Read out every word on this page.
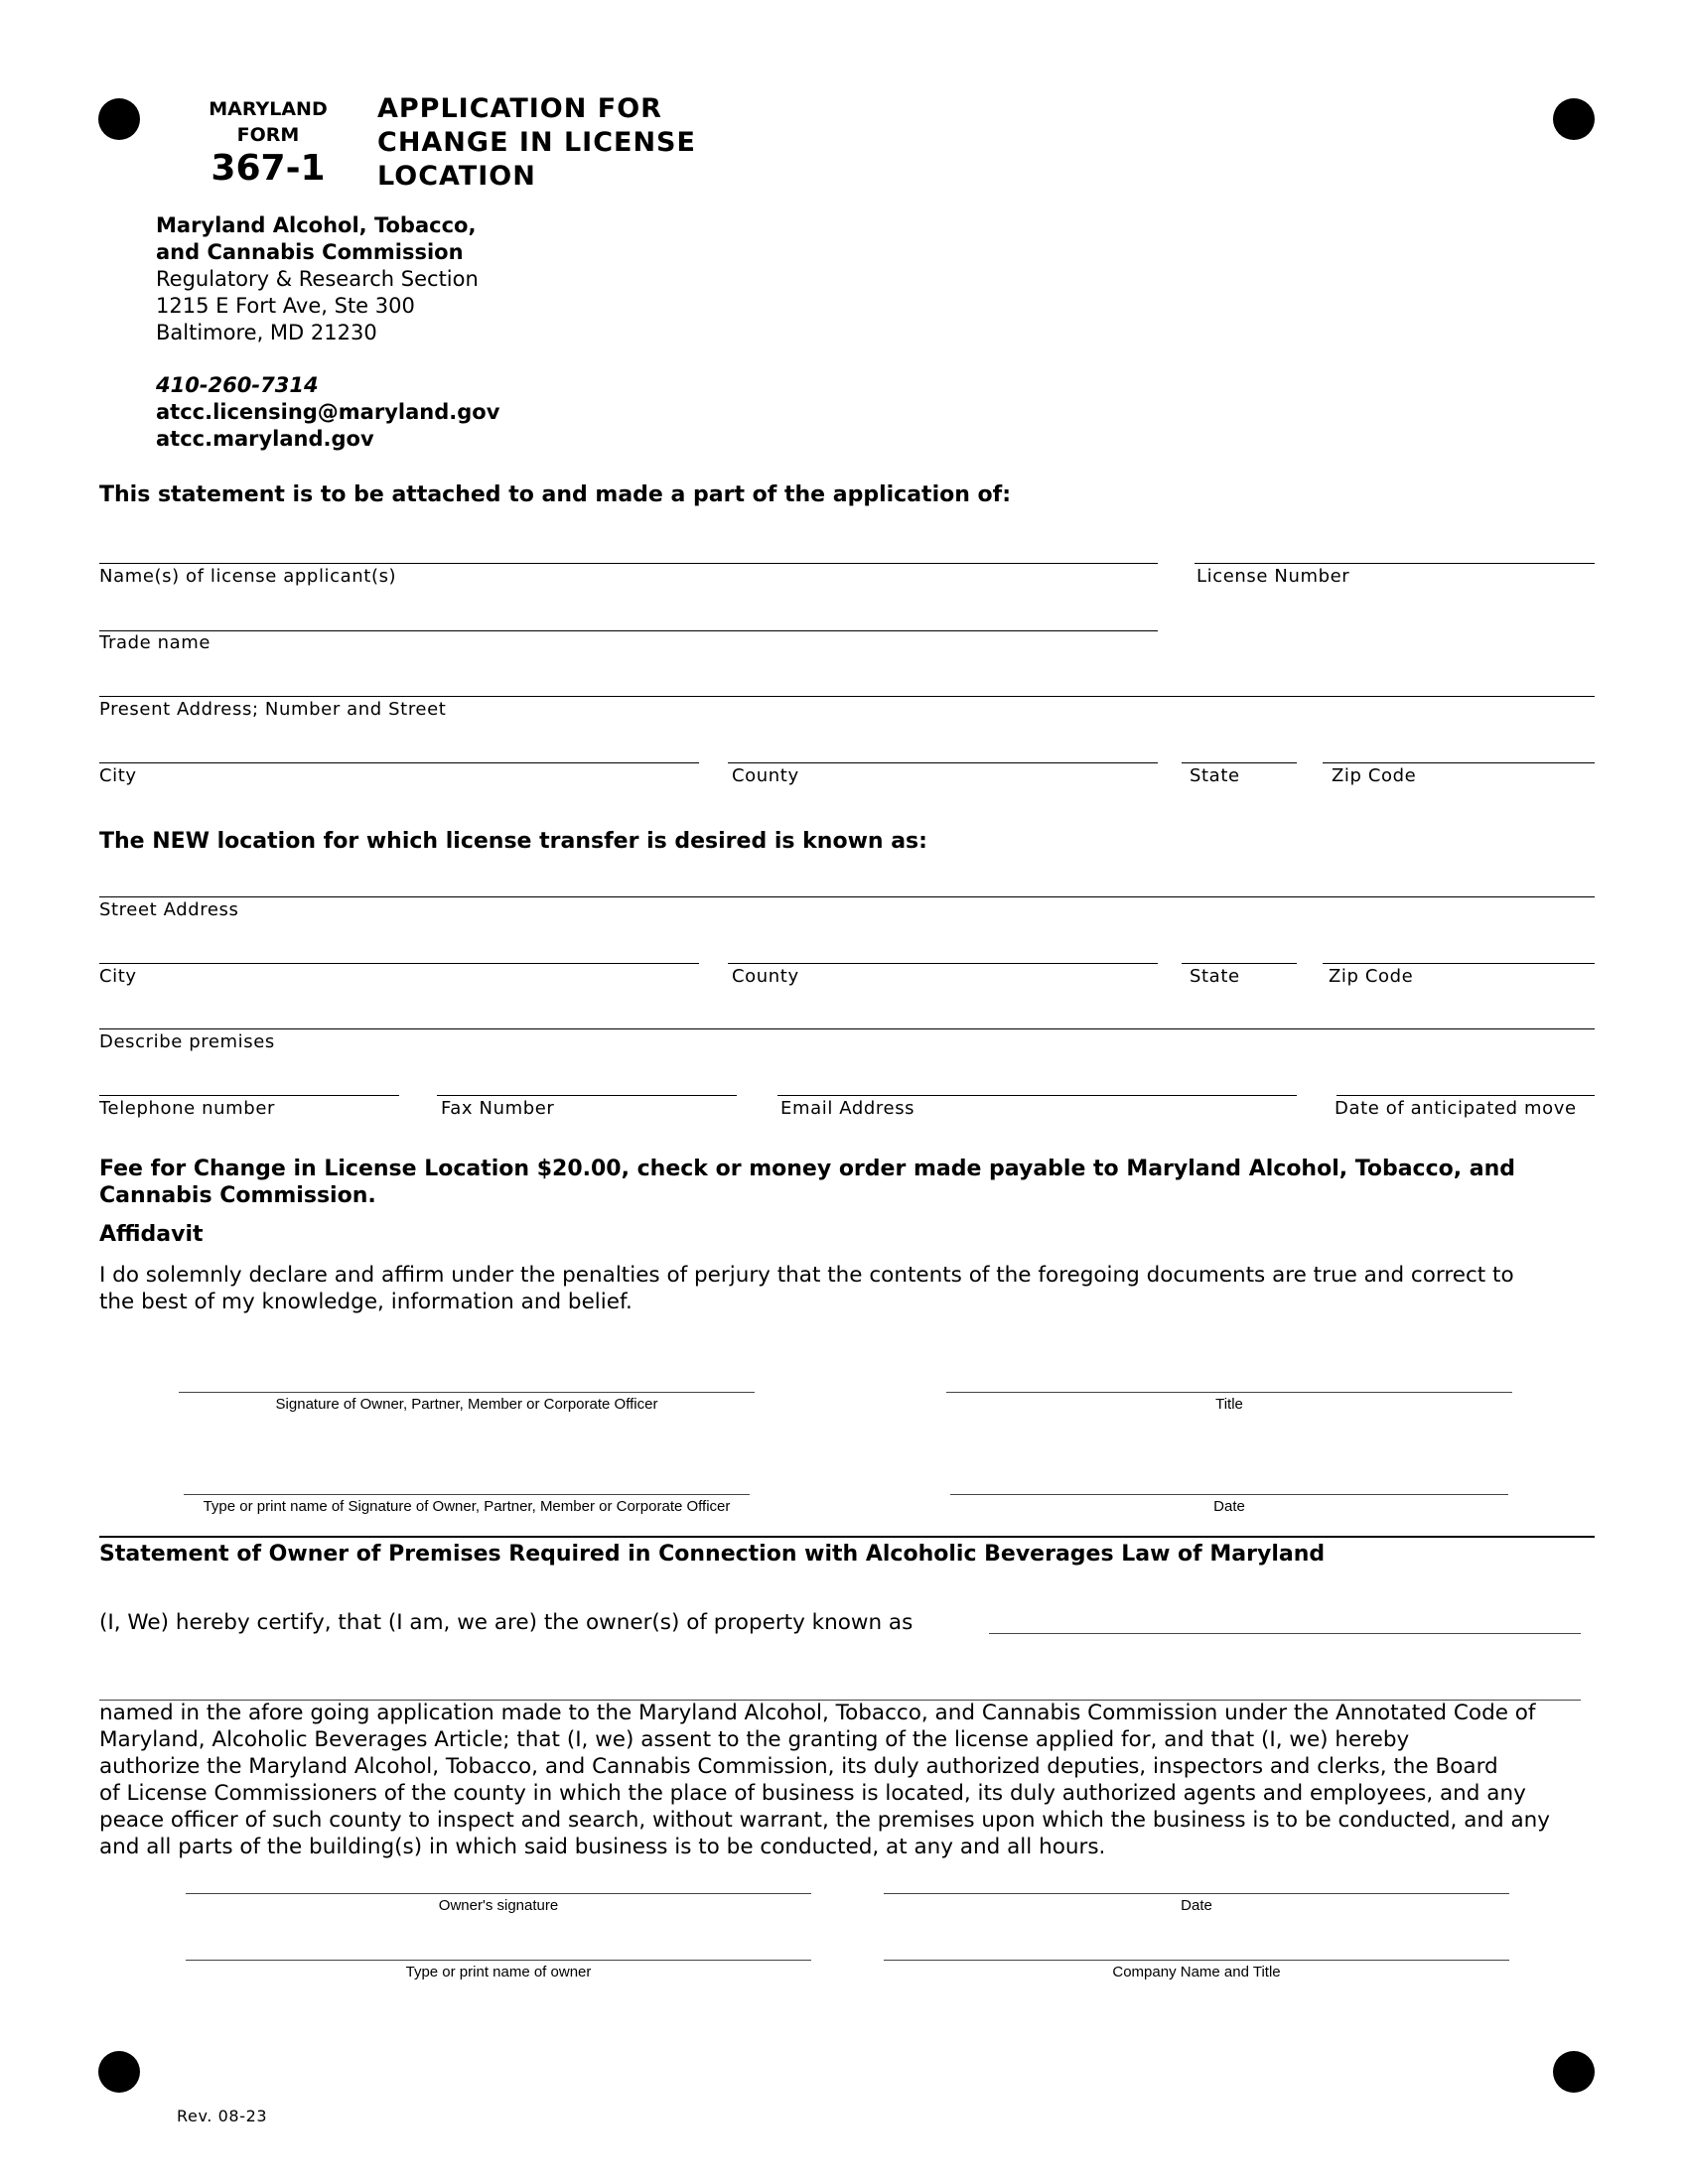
MARYLAND
FORM
367-1
APPLICATION FOR
CHANGE IN LICENSE
LOCATION
Maryland Alcohol, Tobacco,
and Cannabis Commission
Regulatory & Research Section
1215 E Fort Ave, Ste 300
Baltimore, MD 21230
410-260-7314
atcc.licensing@maryland.gov
atcc.maryland.gov
This statement is to be attached to and made a part of the application of:
Name(s) of license applicant(s)	License Number
Trade name
Present Address; Number and Street
City	County	State	Zip Code
The NEW location for which license transfer is desired is known as:
Street Address
City	County	State	Zip Code
Describe premises
Telephone number	Fax Number	Email Address	Date of anticipated move
Fee for Change in License Location $20.00, check or money order made payable to Maryland Alcohol, Tobacco, and
Cannabis Commission.
Affidavit
I do solemnly declare and affirm under the penalties of perjury that the contents of the foregoing documents are true and correct to
the best of my knowledge, information and belief.
Signature of Owner, Partner, Member or Corporate Officer	Title
Type or print name of Signature of Owner, Partner, Member or Corporate Officer	Date
Statement of Owner of Premises Required in Connection with Alcoholic Beverages Law of Maryland
(I, We) hereby certify, that (I am, we are) the owner(s) of property known as
named in the afore going application made to the Maryland Alcohol, Tobacco, and Cannabis Commission under the Annotated Code of
Maryland, Alcoholic Beverages Article; that (I, we) assent to the granting of the license applied for, and that (I, we) hereby
authorize the Maryland Alcohol, Tobacco, and Cannabis Commission, its duly authorized deputies, inspectors and clerks, the Board
of License Commissioners of the county in which the place of business is located, its duly authorized agents and employees, and any
peace officer of such county to inspect and search, without warrant, the premises upon which the business is to be conducted, and any
and all parts of the building(s) in which said business is to be conducted, at any and all hours.
Owner's signature	Date
Type or print name of owner	Company Name and Title
Rev. 08-23
